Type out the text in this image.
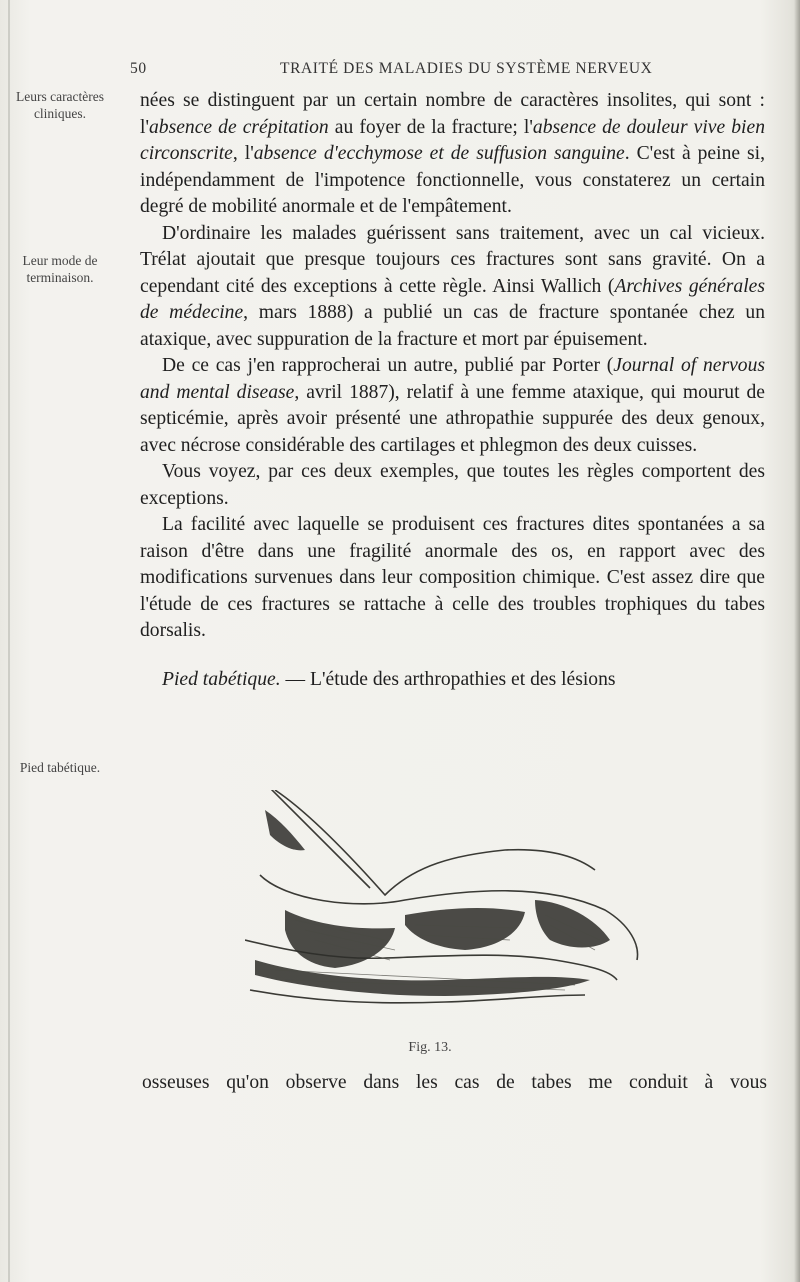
50	TRAITÉ DES MALADIES DU SYSTÈME NERVEUX
Leurs caractères cliniques.
Leur mode de terminaison.
Pied tabétique.

nées se distinguent par un certain nombre de caractères insolites, qui sont : l'absence de crépitation au foyer de la fracture; l'absence de douleur vive bien circonscrite, l'absence d'ecchymose et de suffusion sanguine. C'est à peine si, indépendamment de l'impotence fonctionnelle, vous constaterez un certain degré de mobilité anormale et de l'empâtement.

D'ordinaire les malades guérissent sans traitement, avec un cal vicieux. Trélat ajoutait que presque toujours ces fractures sont sans gravité. On a cependant cité des exceptions à cette règle. Ainsi Wallich (Archives générales de médecine, mars 1888) a publié un cas de fracture spontanée chez un ataxique, avec suppuration de la fracture et mort par épuisement.

De ce cas j'en rapprocherai un autre, publié par Porter (Journal of nervous and mental disease, avril 1887), relatif à une femme ataxique, qui mourut de septicémie, après avoir présenté une athropathie suppurée des deux genoux, avec nécrose considérable des cartilages et phlegmon des deux cuisses.

Vous voyez, par ces deux exemples, que toutes les règles comportent des exceptions.

La facilité avec laquelle se produisent ces fractures dites spontanées a sa raison d'être dans une fragilité anormale des os, en rapport avec des modifications survenues dans leur composition chimique. C'est assez dire que l'étude de ces fractures se rattache à celle des troubles trophiques du tabes dorsalis.

Pied tabétique. — L'étude des arthropathies et des lésions

Fig. 13.
osseuses qu'on observe dans les cas de tabes me conduit à vous
